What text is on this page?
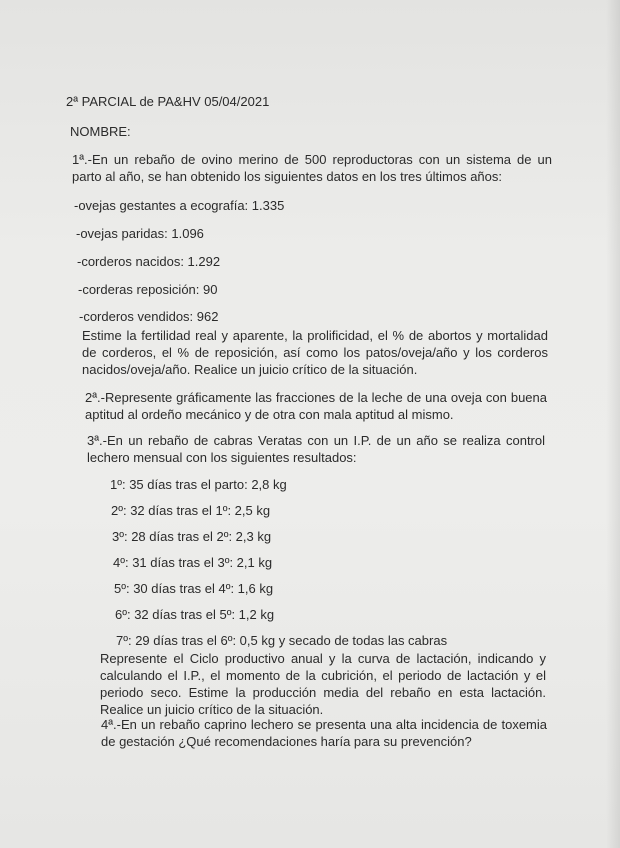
2ª PARCIAL de PA&HV 05/04/2021
NOMBRE:
1ª.-En un rebaño de ovino merino de 500 reproductoras con un sistema de un parto al año, se han obtenido los siguientes datos en los tres últimos años:
-ovejas gestantes a ecografía: 1.335
-ovejas paridas: 1.096
-corderos nacidos: 1.292
-corderas reposición: 90
-corderos vendidos: 962
Estime la fertilidad real y aparente, la prolificidad, el % de abortos y mortalidad de corderos, el % de reposición, así como los patos/oveja/año y los corderos nacidos/oveja/año. Realice un juicio crítico de la situación.
2ª.-Represente gráficamente las fracciones de la leche de una oveja con buena aptitud al ordeño mecánico y de otra con mala aptitud al mismo.
3ª.-En un rebaño de cabras Veratas con un I.P. de un año se realiza control lechero mensual con los siguientes resultados:
1º: 35 días tras el parto: 2,8 kg
2º: 32 días tras el 1º: 2,5 kg
3º: 28 días tras el 2º: 2,3 kg
4º: 31 días tras el 3º: 2,1 kg
5º: 30 días tras el 4º: 1,6 kg
6º: 32 días tras el 5º: 1,2 kg
7º: 29 días tras el 6º: 0,5 kg y secado de todas las cabras
Represente el Ciclo productivo anual y la curva de lactación, indicando y calculando el I.P., el momento de la cubrición, el periodo de lactación y el periodo seco. Estime la producción media del rebaño en esta lactación. Realice un juicio crítico de la situación.
4ª.-En un rebaño caprino lechero se presenta una alta incidencia de toxemia de gestación ¿Qué recomendaciones haría para su prevención?
